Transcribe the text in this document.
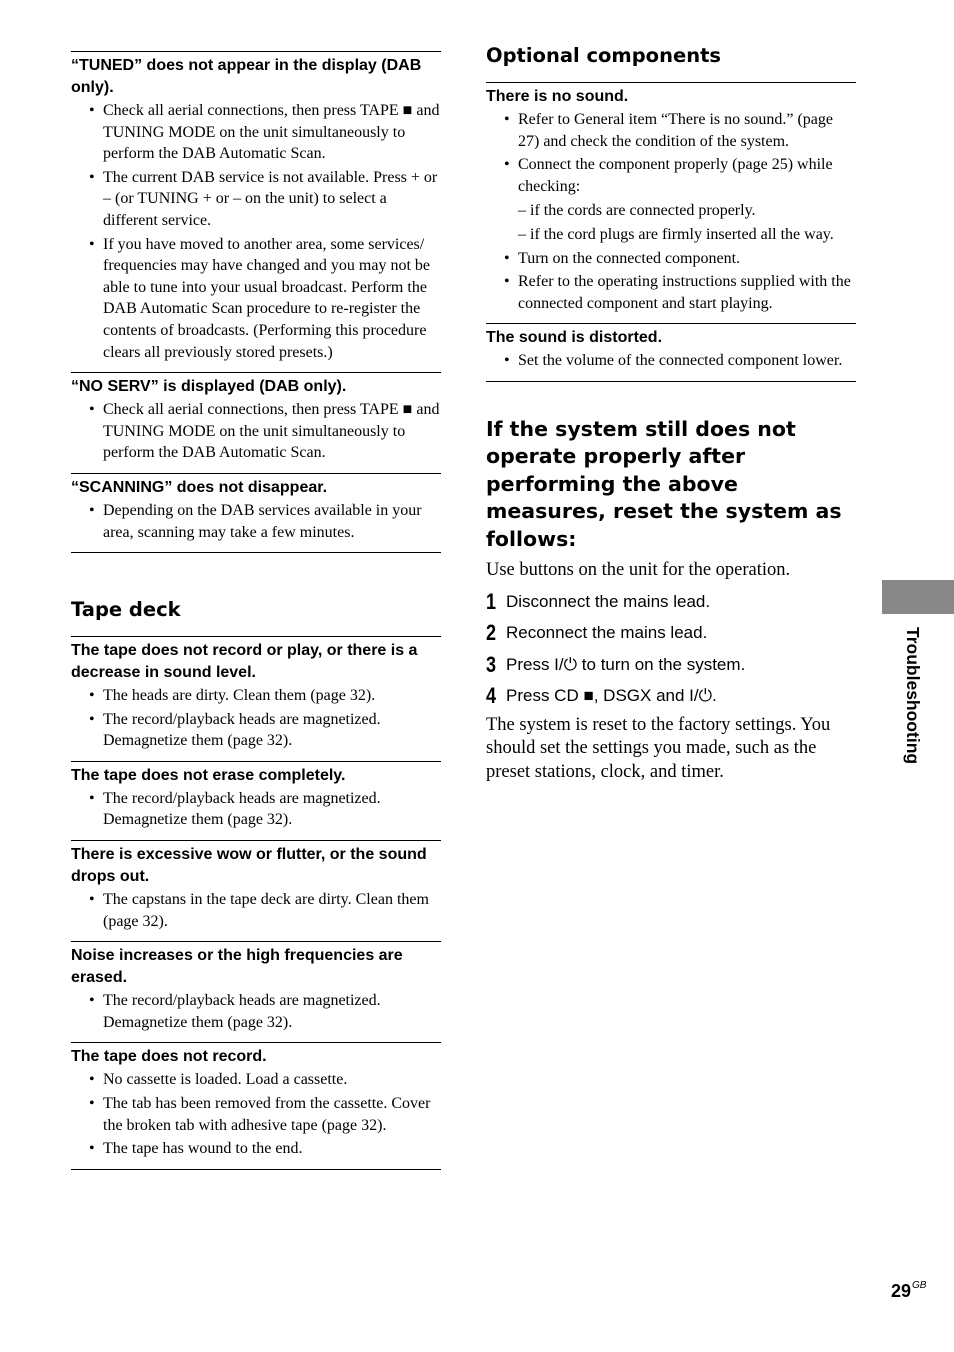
“TUNED” does not appear in the display (DAB only).
• Check all aerial connections, then press TAPE ■ and TUNING MODE on the unit simultaneously to perform the DAB Automatic Scan.
• The current DAB service is not available. Press + or – (or TUNING + or – on the unit) to select a different service.
• If you have moved to another area, some services/ frequencies may have changed and you may not be able to tune into your usual broadcast. Perform the DAB Automatic Scan procedure to re-register the contents of broadcasts. (Performing this procedure clears all previously stored presets.)
“NO SERV” is displayed (DAB only).
• Check all aerial connections, then press TAPE ■ and TUNING MODE on the unit simultaneously to perform the DAB Automatic Scan.
“SCANNING” does not disappear.
• Depending on the DAB services available in your area, scanning may take a few minutes.
Tape deck
The tape does not record or play, or there is a decrease in sound level.
• The heads are dirty. Clean them (page 32).
• The record/playback heads are magnetized. Demagnetize them (page 32).
The tape does not erase completely.
• The record/playback heads are magnetized. Demagnetize them (page 32).
There is excessive wow or flutter, or the sound drops out.
• The capstans in the tape deck are dirty. Clean them (page 32).
Noise increases or the high frequencies are erased.
• The record/playback heads are magnetized. Demagnetize them (page 32).
The tape does not record.
• No cassette is loaded. Load a cassette.
• The tab has been removed from the cassette. Cover the broken tab with adhesive tape (page 32).
• The tape has wound to the end.
Optional components
There is no sound.
• Refer to General item “There is no sound.” (page 27) and check the condition of the system.
• Connect the component properly (page 25) while checking:
– if the cords are connected properly.
– if the cord plugs are firmly inserted all the way.
• Turn on the connected component.
• Refer to the operating instructions supplied with the connected component and start playing.
The sound is distorted.
• Set the volume of the connected component lower.
If the system still does not operate properly after performing the above measures, reset the system as follows:
Use buttons on the unit for the operation.
1 Disconnect the mains lead.
2 Reconnect the mains lead.
3 Press I/⏻ to turn on the system.
4 Press CD ■, DSGX and I/⏻.
The system is reset to the factory settings. You should set the settings you made, such as the preset stations, clock, and timer.
Troubleshooting
$29^{GB}$
